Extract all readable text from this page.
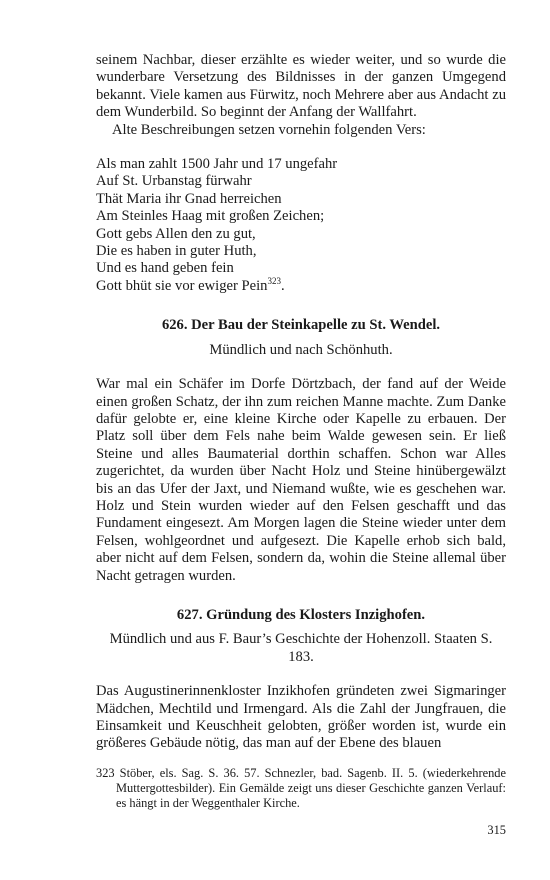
seinem Nachbar, dieser erzählte es wieder weiter, und so wurde die wunderbare Versetzung des Bildnisses in der ganzen Umgegend bekannt. Viele kamen aus Fürwitz, noch Mehrere aber aus Andacht zu dem Wunderbild. So beginnt der Anfang der Wallfahrt.

Alte Beschreibungen setzen vornehin folgenden Vers:

Als man zahlt 1500 Jahr und 17 ungefahr
Auf St. Urbanstag fürwahr
Thät Maria ihr Gnad herreichen
Am Steinles Haag mit großen Zeichen;
Gott gebs Allen den zu gut,
Die es haben in guter Huth,
Und es hand geben fein
Gott bhüt sie vor ewiger Pein$^{323}$.

626. Der Bau der Steinkapelle zu St. Wendel.

Mündlich und nach Schönhuth.

War mal ein Schäfer im Dorfe Dörtzbach, der fand auf der Weide einen großen Schatz, der ihn zum reichen Manne machte. Zum Danke dafür gelobte er, eine kleine Kirche oder Kapelle zu erbauen. Der Platz soll über dem Fels nahe beim Walde gewesen sein. Er ließ Steine und alles Baumaterial dorthin schaffen. Schon war Alles zugerichtet, da wurden über Nacht Holz und Steine hinübergewälzt bis an das Ufer der Jaxt, und Niemand wußte, wie es geschehen war. Holz und Stein wurden wieder auf den Felsen geschafft und das Fundament eingesezt. Am Morgen lagen die Steine wieder unter dem Felsen, wohlgeordnet und aufgesezt. Die Kapelle erhob sich bald, aber nicht auf dem Felsen, sondern da, wohin die Steine allemal über Nacht getragen wurden.

627. Gründung des Klosters Inzighofen.

Mündlich und aus F. Baur’s Geschichte der Hohenzoll. Staaten S. 183.

Das Augustinerinnenkloster Inzikhofen gründeten zwei Sigmaringer Mädchen, Mechtild und Irmengard. Als die Zahl der Jungfrauen, die Einsamkeit und Keuschheit gelobten, größer worden ist, wurde ein größeres Gebäude nötig, das man auf der Ebene des blauen

323 Stöber, els. Sag. S. 36. 57. Schnezler, bad. Sagenb. II. 5. (wiederkehrende Muttergottesbilder). Ein Gemälde zeigt uns dieser Geschichte ganzen Verlauf: es hängt in der Weggenthaler Kirche.

315
